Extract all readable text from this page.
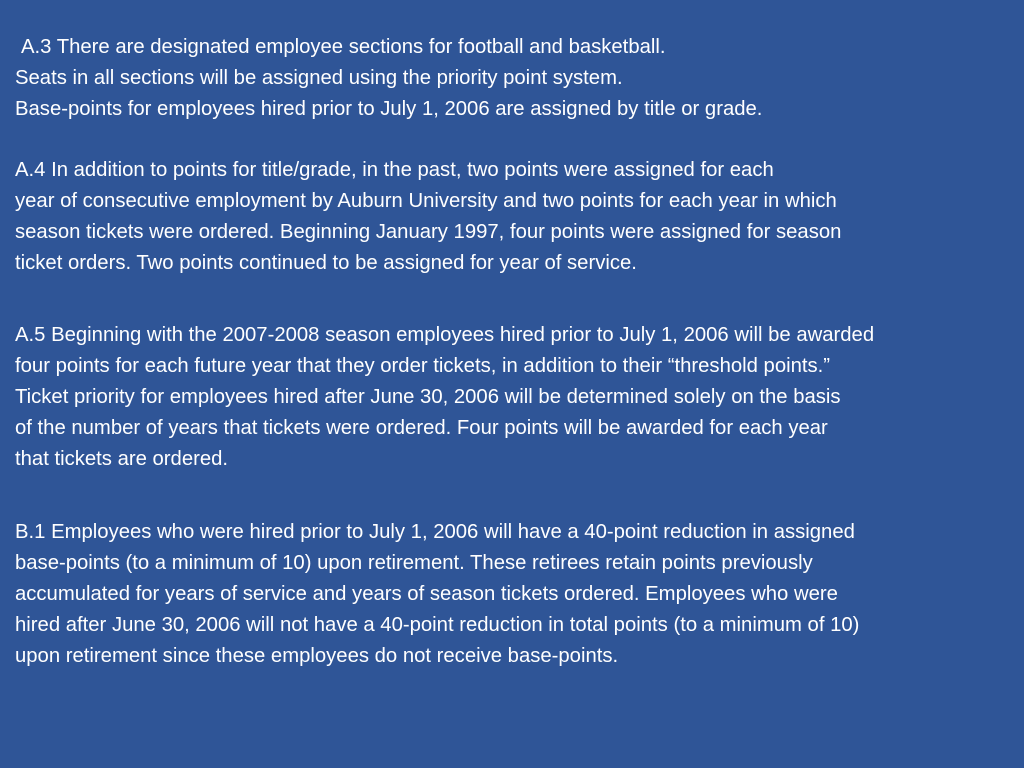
A.3 There are designated employee sections for football and basketball.
Seats in all sections will be assigned using the priority point system.
Base-points for employees hired prior to July 1, 2006 are assigned by title or grade.

A.4 In addition to points for title/grade, in the past, two points were assigned for each
year of consecutive employment by Auburn University and two points for each year in which
season tickets were ordered. Beginning January 1997, four points were assigned for season
ticket orders. Two points continued to be assigned for year of service.

A.5 Beginning with the 2007-2008 season employees hired prior to July 1, 2006 will be awarded
four points for each future year that they order tickets, in addition to their “threshold points.”
Ticket priority for employees hired after June 30, 2006 will be determined solely on the basis
of the number of years that tickets were ordered. Four points will be awarded for each year
that tickets are ordered.

B.1 Employees who were hired prior to July 1, 2006 will have a 40-point reduction in assigned
base-points (to a minimum of 10) upon retirement. These retirees retain points previously
accumulated for years of service and years of season tickets ordered. Employees who were
hired after June 30, 2006 will not have a 40-point reduction in total points (to a minimum of 10)
upon retirement since these employees do not receive base-points.
